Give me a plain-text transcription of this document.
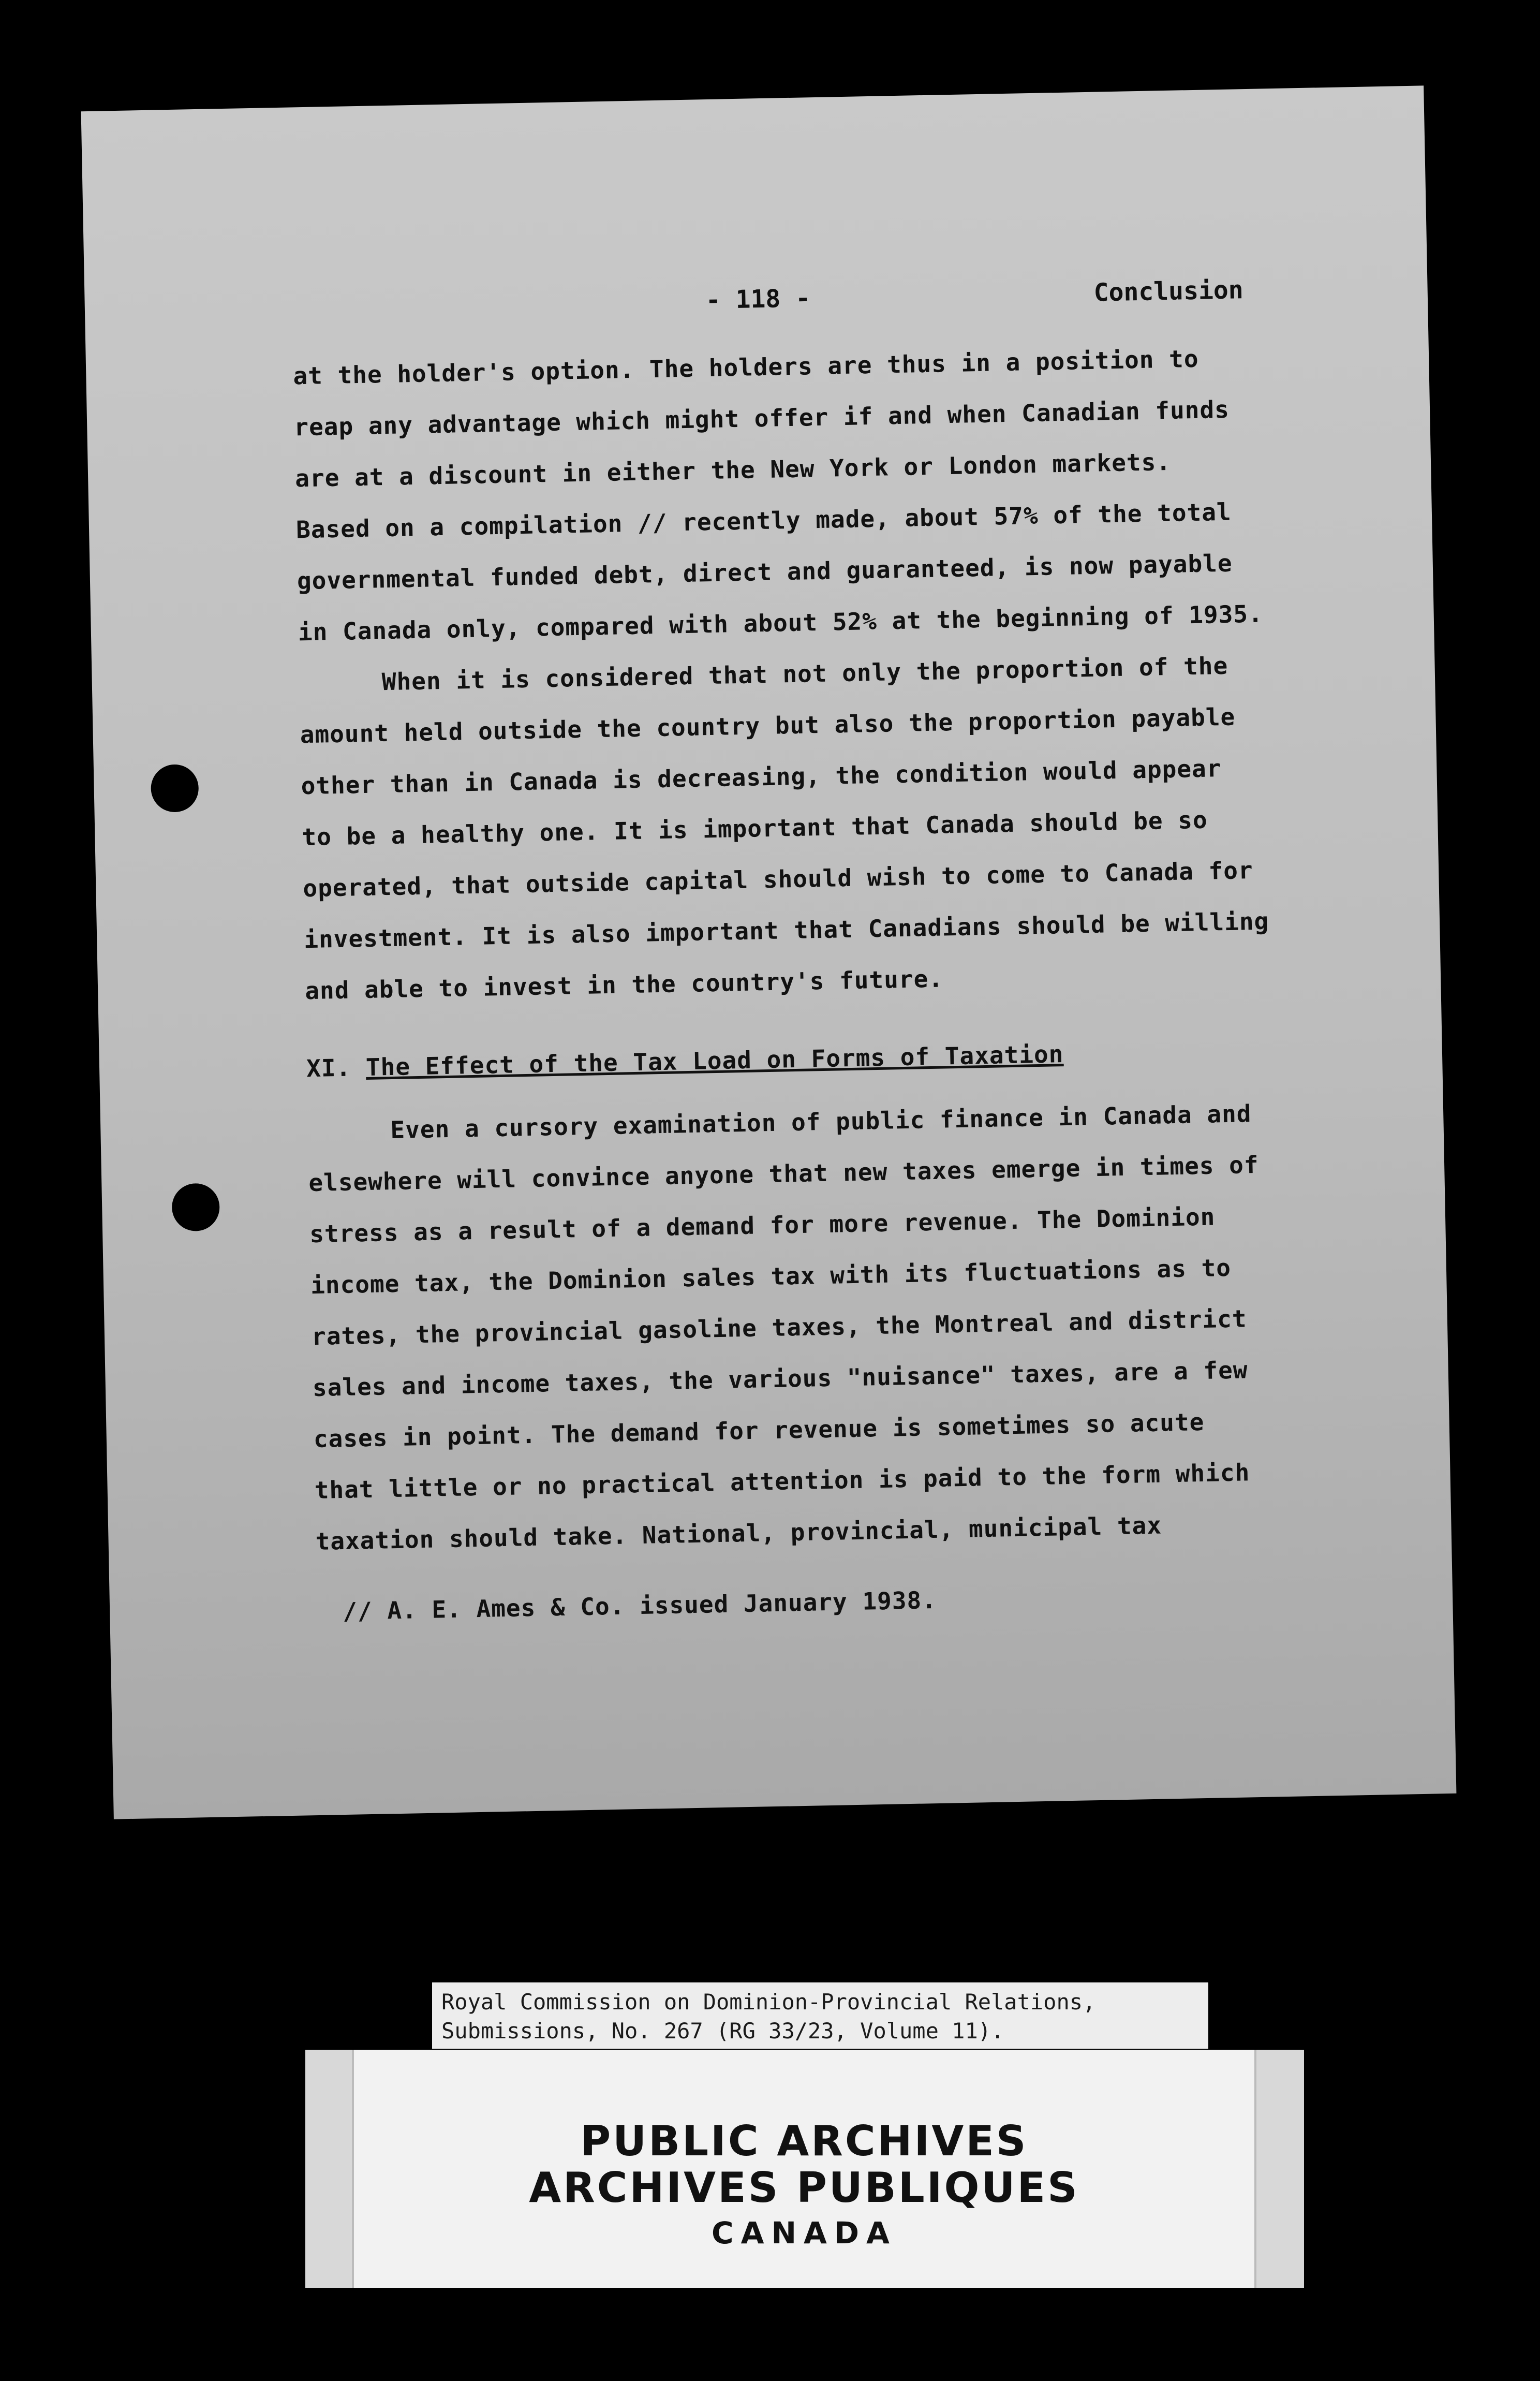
- 118 -	Conclusion

at the holder's option. The holders are thus in a position to

reap any advantage which might offer if and when Canadian funds

are at a discount in either the New York or London markets.

Based on a compilation // recently made, about 57% of the total

governmental funded debt, direct and guaranteed, is now payable

in Canada only, compared with about 52% at the beginning of 1935.

When it is considered that not only the proportion of the

amount held outside the country but also the proportion payable

other than in Canada is decreasing, the condition would appear

to be a healthy one. It is important that Canada should be so

operated, that outside capital should wish to come to Canada for

investment. It is also important that Canadians should be willing

and able to invest in the country's future.

XI. The Effect of the Tax Load on Forms of Taxation

Even a cursory examination of public finance in Canada and

elsewhere will convince anyone that new taxes emerge in times of

stress as a result of a demand for more revenue. The Dominion

income tax, the Dominion sales tax with its fluctuations as to

rates, the provincial gasoline taxes, the Montreal and district

sales and income taxes, the various "nuisance" taxes, are a few

cases in point. The demand for revenue is sometimes so acute

that little or no practical attention is paid to the form which

taxation should take. National, provincial, municipal tax

// A. E. Ames & Co. issued January 1938.
Royal Commission on Dominion-Provincial Relations,
Submissions, No. 267 (RG 33/23, Volume 11).
PUBLIC ARCHIVES
ARCHIVES PUBLIQUES
CANADA
